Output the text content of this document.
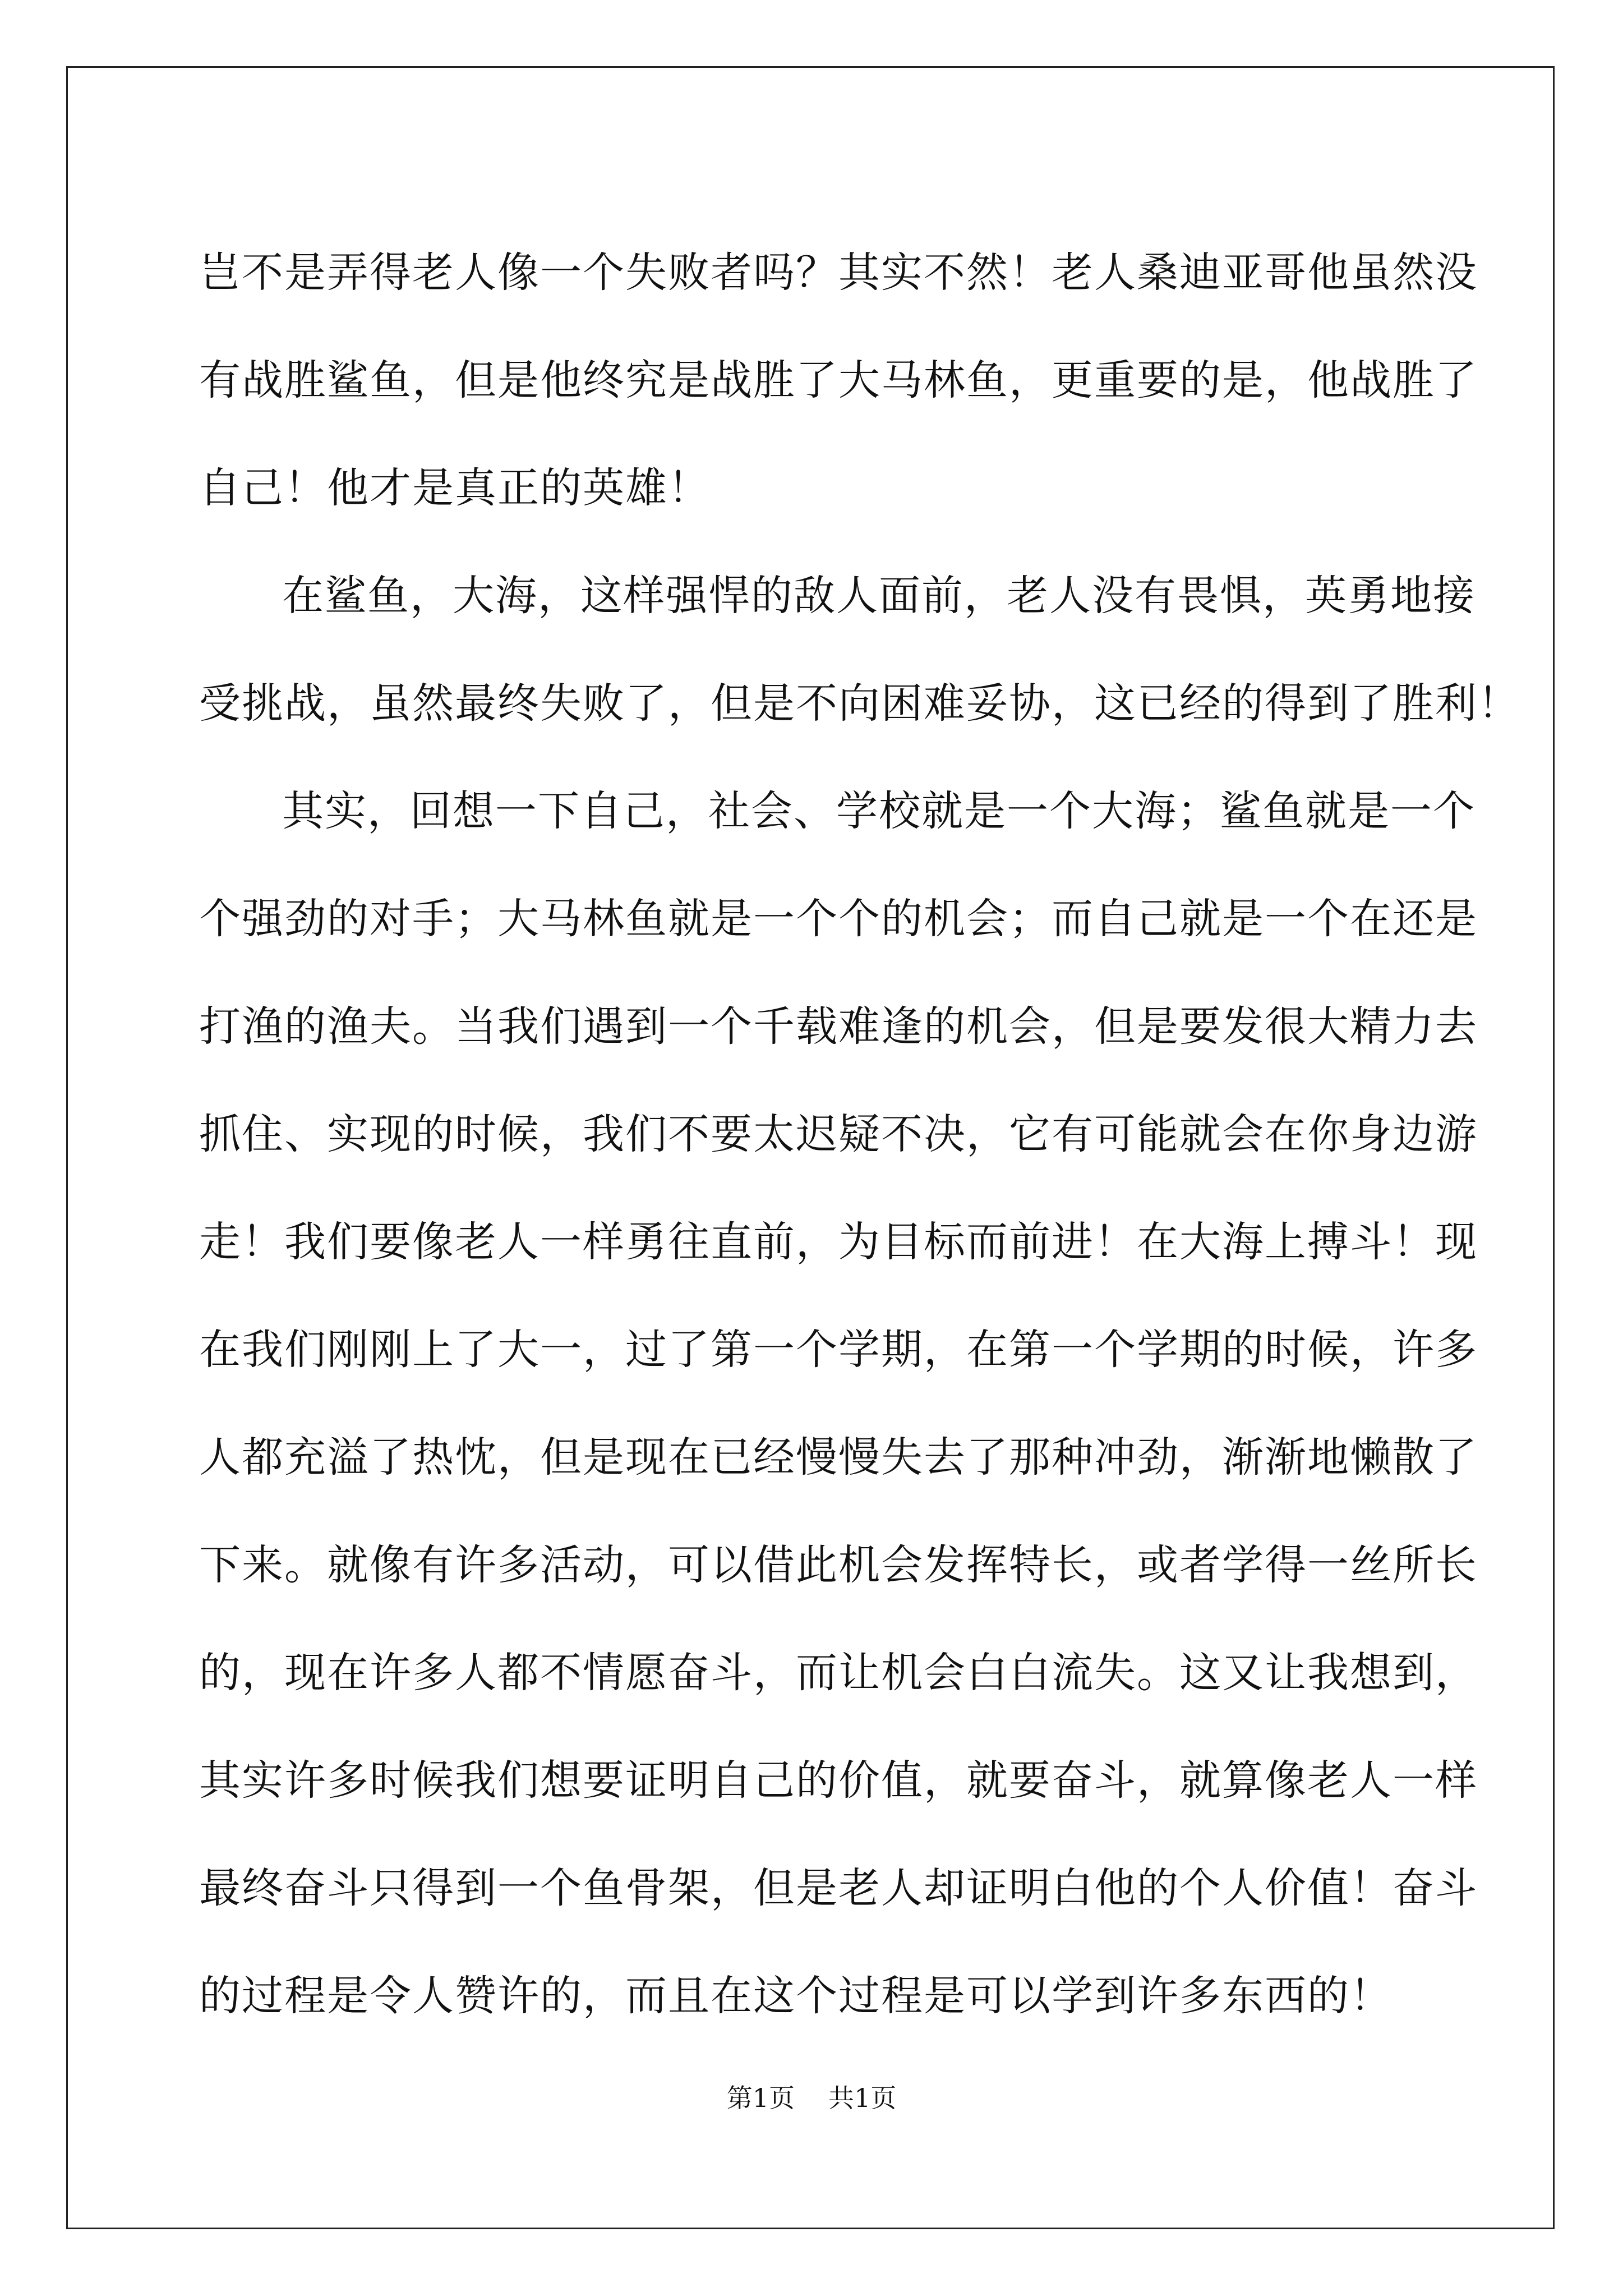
岂不是弄得老人像一个失败者吗？其实不然！老人桑迪亚哥他虽然没
有战胜鲨鱼，但是他终究是战胜了大马林鱼，更重要的是，他战胜了
自己！他才是真正的英雄！
在鲨鱼，大海，这样强悍的敌人面前，老人没有畏惧，英勇地接
受挑战，虽然最终失败了，但是不向困难妥协，这已经的得到了胜利！
其实，回想一下自己，社会、学校就是一个大海；鲨鱼就是一个
个强劲的对手；大马林鱼就是一个个的机会；而自己就是一个在还是
打渔的渔夫。当我们遇到一个千载难逢的机会，但是要发很大精力去
抓住、实现的时候，我们不要太迟疑不决，它有可能就会在你身边游
走！我们要像老人一样勇往直前，为目标而前进！在大海上搏斗！现
在我们刚刚上了大一，过了第一个学期，在第一个学期的时候，许多
人都充溢了热忱，但是现在已经慢慢失去了那种冲劲，渐渐地懒散了
下来。就像有许多活动，可以借此机会发挥特长，或者学得一丝所长
的，现在许多人都不情愿奋斗，而让机会白白流失。这又让我想到，
其实许多时候我们想要证明自己的价值，就要奋斗，就算像老人一样
最终奋斗只得到一个鱼骨架，但是老人却证明白他的个人价值！奋斗
的过程是令人赞许的，而且在这个过程是可以学到许多东西的！
第1页 共1页
